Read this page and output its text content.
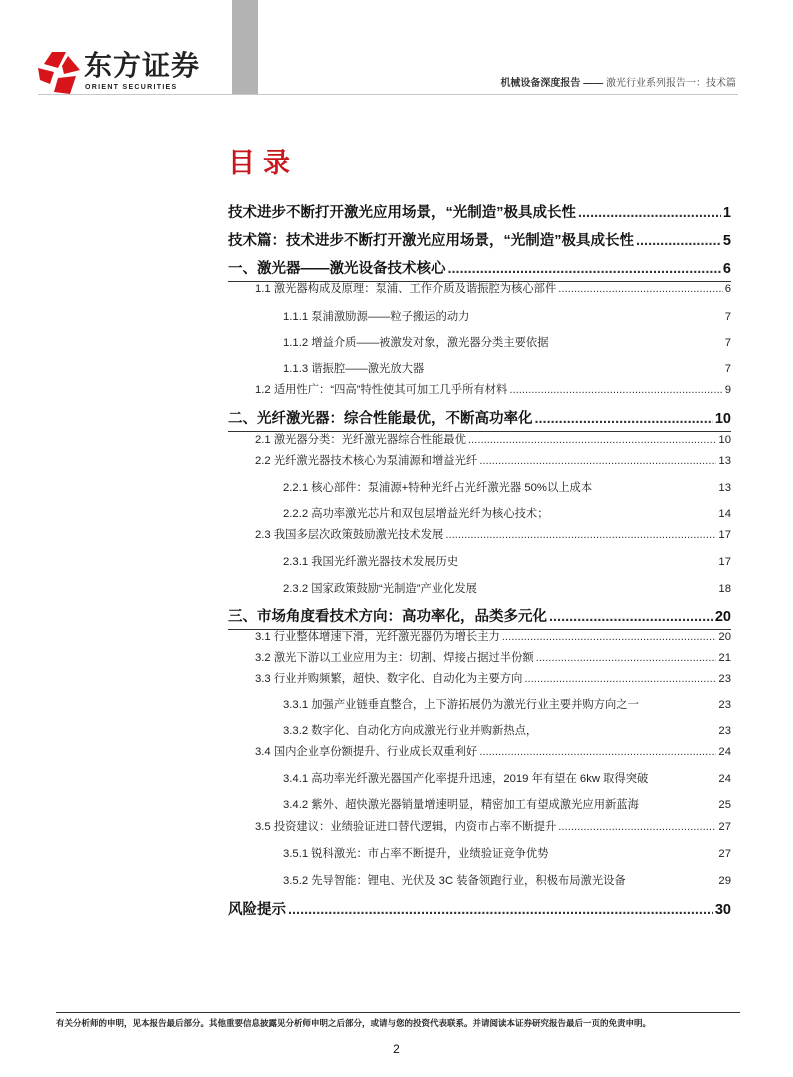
东方证券
ORIENT SECURITIES	机械设备深度报告 —— 激光行业系列报告一：技术篇
目录
技术进步不断打开激光应用场景，“光制造”极具成长性 .....	1
技术篇：技术进步不断打开激光应用场景，“光制造”极具成长性 .....	5
一、激光器——激光设备技术核心 .....	6
1.1 激光器构成及原理：泵浦、工作介质及谐振腔为核心部件 .....	6
1.1.1 泵浦激励源——粒子搬运的动力	7
1.1.2 增益介质——被激发对象，激光器分类主要依据	7
1.1.3 谐振腔——激光放大器	7
1.2 适用性广：“四高”特性使其可加工几乎所有材料 .....	9
二、光纤激光器：综合性能最优，不断高功率化 .....	10
2.1 激光器分类：光纤激光器综合性能最优 .....	10
2.2 光纤激光器技术核心为泵浦源和增益光纤 .....	13
2.2.1 核心部件：泵浦源+特种光纤占光纤激光器 50%以上成本	13
2.2.2 高功率激光芯片和双包层增益光纤为核心技术；	14
2.3 我国多层次政策鼓励激光技术发展 .....	17
2.3.1 我国光纤激光器技术发展历史	17
2.3.2 国家政策鼓励“光制造”产业化发展	18
三、市场角度看技术方向：高功率化，品类多元化 .....	20
3.1 行业整体增速下滑，光纤激光器仍为增长主力 .....	20
3.2 激光下游以工业应用为主：切割、焊接占据过半份额 .....	21
3.3 行业并购频繁，超快、数字化、自动化为主要方向 .....	23
3.3.1 加强产业链垂直整合，上下游拓展仍为激光行业主要并购方向之一	23
3.3.2 数字化、自动化方向成激光行业并购新热点，	23
3.4 国内企业享份额提升、行业成长双重利好 .....	24
3.4.1 高功率光纤激光器国产化率提升迅速，2019 年有望在 6kw 取得突破	24
3.4.2 紫外、超快激光器销量增速明显，精密加工有望成激光应用新蓝海	25
3.5 投资建议：业绩验证进口替代逻辑，内资市占率不断提升 .....	27
3.5.1 锐科激光：市占率不断提升，业绩验证竞争优势	27
3.5.2 先导智能：锂电、光伏及 3C 装备领跑行业，积极布局激光设备	29
风险提示 .....	30
有关分析师的申明，见本报告最后部分。其他重要信息披露见分析师申明之后部分，或请与您的投资代表联系。并请阅读本证券研究报告最后一页的免责申明。
2
